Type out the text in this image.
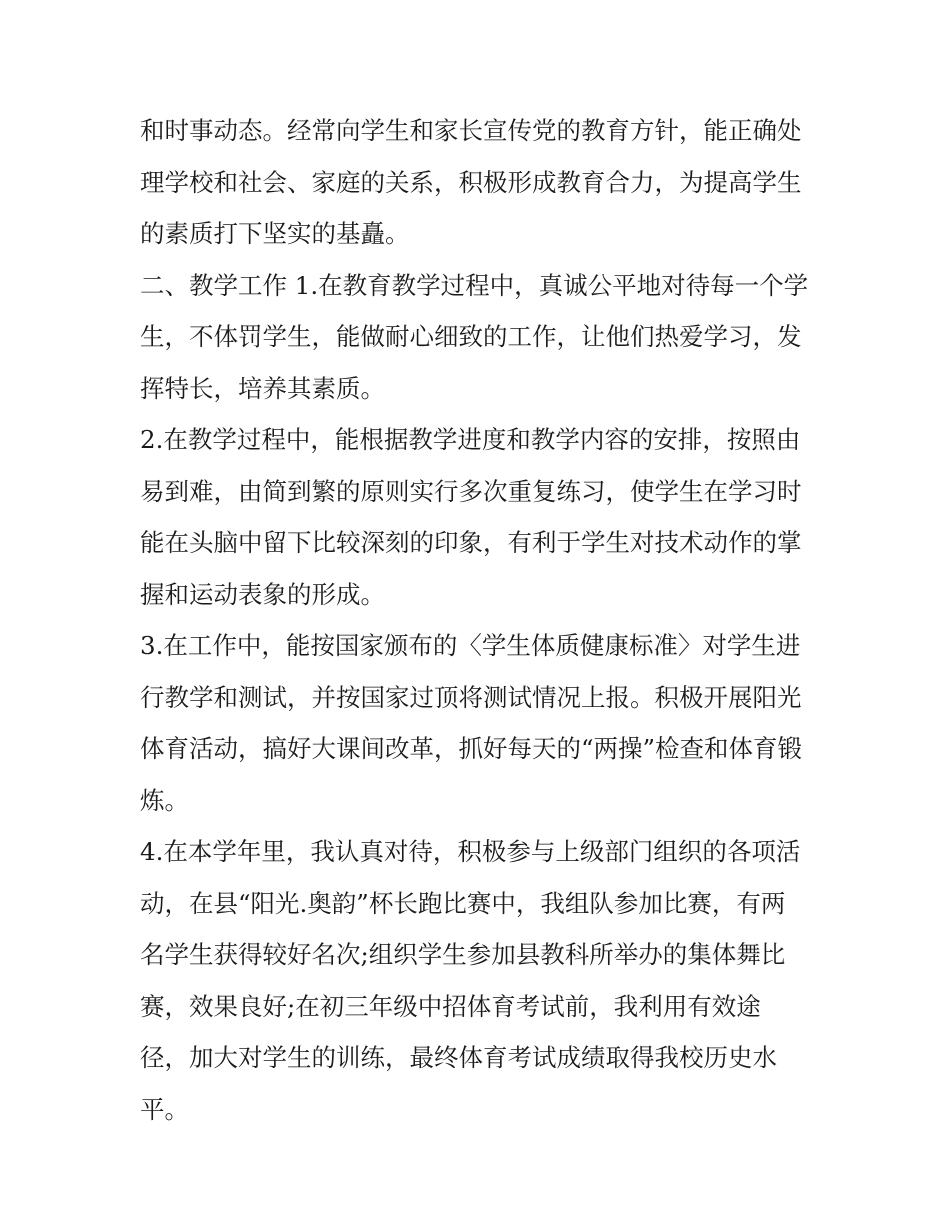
和时事动态。经常向学生和家长宣传党的教育方针，能正确处
理学校和社会、家庭的关系，积极形成教育合力，为提高学生
的素质打下坚实的基矗。
二、教学工作 1.在教育教学过程中，真诚公平地对待每一个学
生，不体罚学生，能做耐心细致的工作，让他们热爱学习，发
挥特长，培养其素质。
2.在教学过程中，能根据教学进度和教学内容的安排，按照由
易到难，由简到繁的原则实行多次重复练习，使学生在学习时
能在头脑中留下比较深刻的印象，有利于学生对技术动作的掌
握和运动表象的形成。
3.在工作中，能按国家颁布的〈学生体质健康标准〉对学生进
行教学和测试，并按国家过顶将测试情况上报。积极开展阳光
体育活动，搞好大课间改革，抓好每天的“两操”检查和体育锻
炼。
4.在本学年里，我认真对待，积极参与上级部门组织的各项活
动，在县“阳光.奥韵”杯长跑比赛中，我组队参加比赛，有两
名学生获得较好名次;组织学生参加县教科所举办的集体舞比
赛，效果良好;在初三年级中招体育考试前，我利用有效途
径，加大对学生的训练，最终体育考试成绩取得我校历史水
平。
